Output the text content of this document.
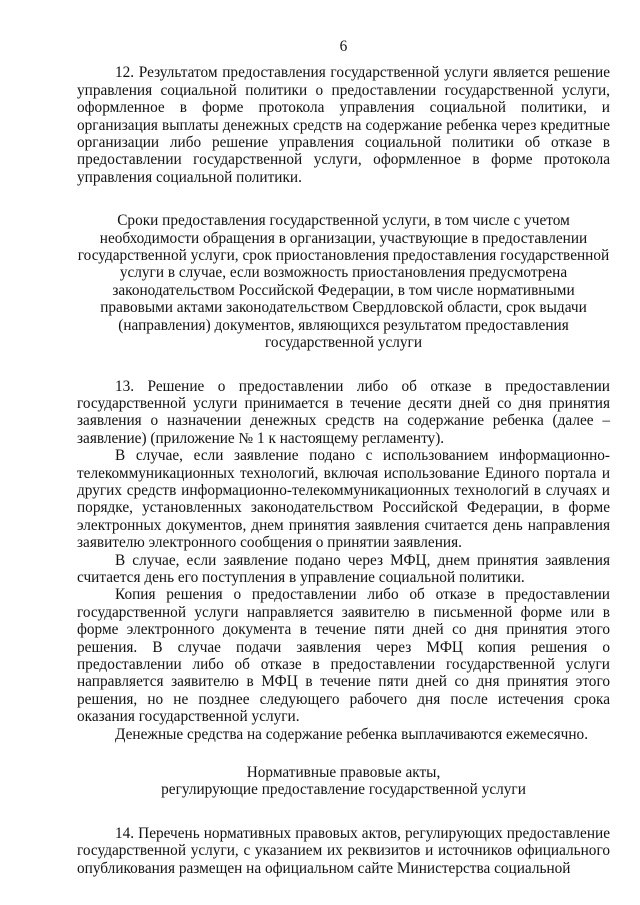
6

12. Результатом предоставления государственной услуги является решение управления социальной политики о предоставлении государственной услуги, оформленное в форме протокола управления социальной политики, и организация выплаты денежных средств на содержание ребенка через кредитные организации либо решение управления социальной политики об отказе в предоставлении государственной услуги, оформленное в форме протокола управления социальной политики.

Сроки предоставления государственной услуги, в том числе с учетом
необходимости обращения в организации, участвующие в предоставлении
государственной услуги, срок приостановления предоставления государственной
услуги в случае, если возможность приостановления предусмотрена
законодательством Российской Федерации, в том числе нормативными
правовыми актами законодательством Свердловской области, срок выдачи
(направления) документов, являющихся результатом предоставления
государственной услуги

13. Решение о предоставлении либо об отказе в предоставлении государственной услуги принимается в течение десяти дней со дня принятия заявления о назначении денежных средств на содержание ребенка (далее – заявление) (приложение № 1 к настоящему регламенту).

В случае, если заявление подано с использованием информационно-телекоммуникационных технологий, включая использование Единого портала и других средств информационно-телекоммуникационных технологий в случаях и порядке, установленных законодательством Российской Федерации, в форме электронных документов, днем принятия заявления считается день направления заявителю электронного сообщения о принятии заявления.

В случае, если заявление подано через МФЦ, днем принятия заявления считается день его поступления в управление социальной политики.

Копия решения о предоставлении либо об отказе в предоставлении государственной услуги направляется заявителю в письменной форме или в форме электронного документа в течение пяти дней со дня принятия этого решения. В случае подачи заявления через МФЦ копия решения о предоставлении либо об отказе в предоставлении государственной услуги направляется заявителю в МФЦ в течение пяти дней со дня принятия этого решения, но не позднее следующего рабочего дня после истечения срока оказания государственной услуги.

Денежные средства на содержание ребенка выплачиваются ежемесячно.

Нормативные правовые акты,
регулирующие предоставление государственной услуги

14. Перечень нормативных правовых актов, регулирующих предоставление государственной услуги, с указанием их реквизитов и источников официального опубликования размещен на официальном сайте Министерства социальной
